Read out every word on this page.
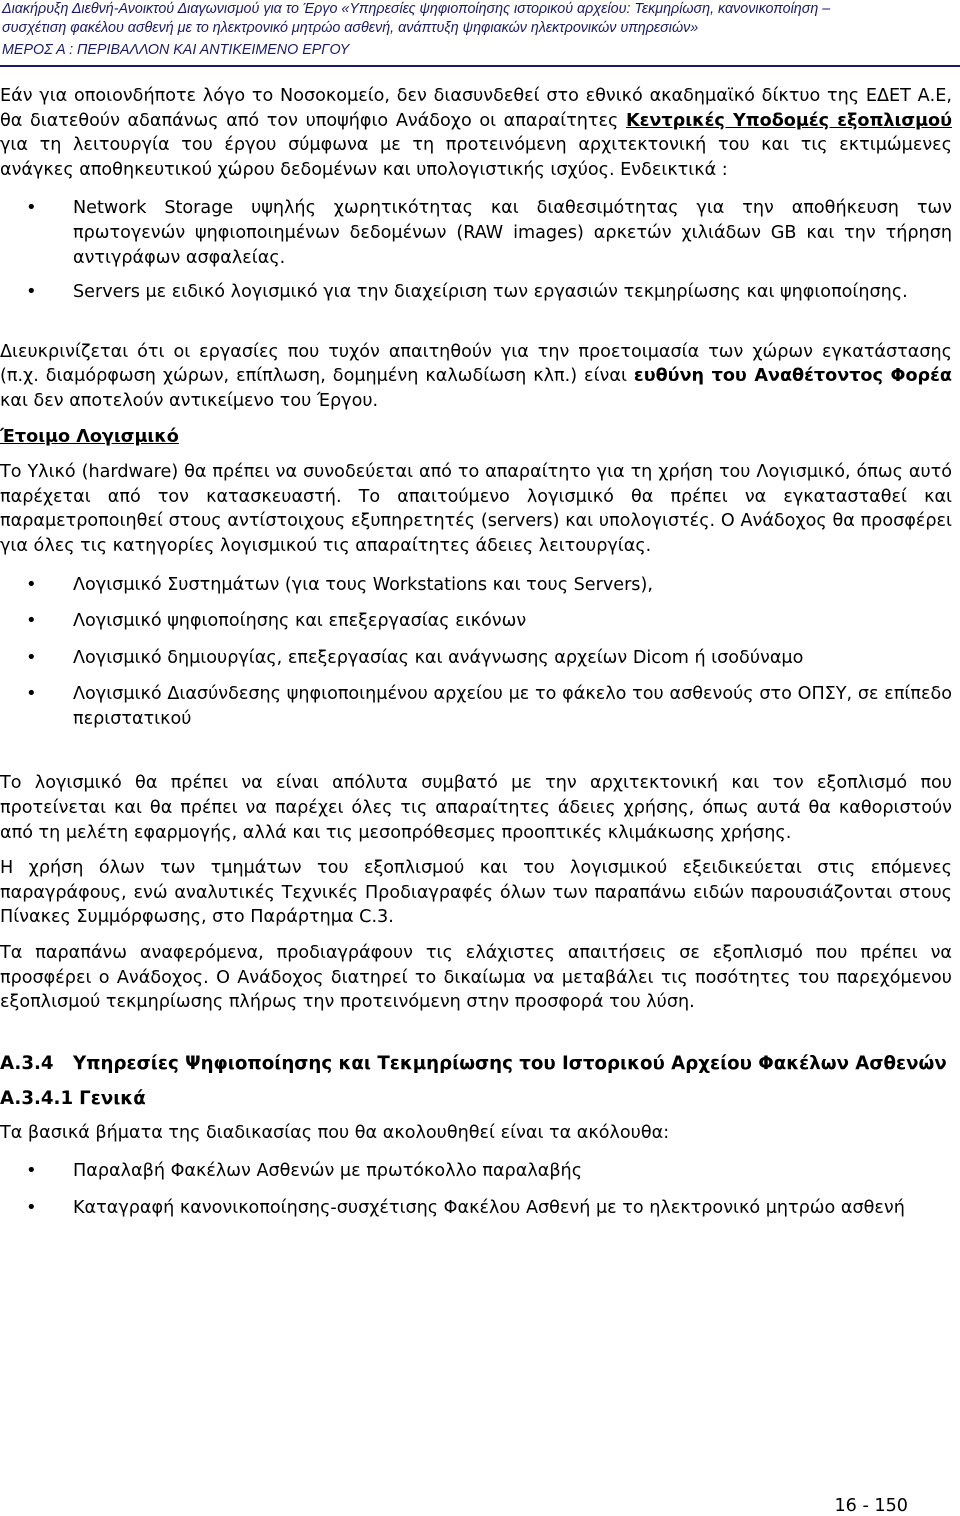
Διακήρυξη Διεθνή-Ανοικτού Διαγωνισμού για το Έργο «Υπηρεσίες ψηφιοποίησης ιστορικού αρχείου: Τεκμηρίωση, κανονικοποίηση –
συσχέτιση φακέλου ασθενή με το ηλεκτρονικό μητρώο ασθενή, ανάπτυξη ψηφιακών ηλεκτρονικών υπηρεσιών»
ΜΕΡΟΣ Α : ΠΕΡΙΒΑΛΛΟΝ ΚΑΙ ΑΝΤΙΚΕΙΜΕΝΟ ΕΡΓΟΥ

Εάν για οποιονδήποτε λόγο το Νοσοκομείο, δεν διασυνδεθεί στο εθνικό ακαδημαϊκό δίκτυο της ΕΔΕΤ Α.Ε, θα διατεθούν αδαπάνως από τον υποψήφιο Ανάδοχο οι απαραίτητες Κεντρικές Υποδομές εξοπλισμού για τη λειτουργία του έργου σύμφωνα με τη προτεινόμενη αρχιτεκτονική του και τις εκτιμώμενες ανάγκες αποθηκευτικού χώρου δεδομένων και υπολογιστικής ισχύος. Ενδεικτικά :

• Network Storage υψηλής χωρητικότητας και διαθεσιμότητας για την αποθήκευση των πρωτογενών ψηφιοποιημένων δεδομένων (RAW images) αρκετών χιλιάδων GB και την τήρηση αντιγράφων ασφαλείας.
• Servers με ειδικό λογισμικό για την διαχείριση των εργασιών τεκμηρίωσης και ψηφιοποίησης.

Διευκρινίζεται ότι οι εργασίες που τυχόν απαιτηθούν για την προετοιμασία των χώρων εγκατάστασης (π.χ. διαμόρφωση χώρων, επίπλωση, δομημένη καλωδίωση κλπ.) είναι ευθύνη του Αναθέτοντος Φορέα και δεν αποτελούν αντικείμενο του Έργου.

Έτοιμο Λογισμικό

Το Υλικό (hardware) θα πρέπει να συνοδεύεται από το απαραίτητο για τη χρήση του Λογισμικό, όπως αυτό παρέχεται από τον κατασκευαστή. Το απαιτούμενο λογισμικό θα πρέπει να εγκατασταθεί και παραμετροποιηθεί στους αντίστοιχους εξυπηρετητές (servers) και υπολογιστές. Ο Ανάδοχος θα προσφέρει για όλες τις κατηγορίες λογισμικού τις απαραίτητες άδειες λειτουργίας.

• Λογισμικό Συστημάτων (για τους Workstations και τους Servers),
• Λογισμικό ψηφιοποίησης και επεξεργασίας εικόνων
• Λογισμικό δημιουργίας, επεξεργασίας και ανάγνωσης αρχείων Dicom ή ισοδύναμο
• Λογισμικό Διασύνδεσης ψηφιοποιημένου αρχείου με το φάκελο του ασθενούς στο ΟΠΣΥ, σε επίπεδο περιστατικού

Το λογισμικό θα πρέπει να είναι απόλυτα συμβατό με την αρχιτεκτονική και τον εξοπλισμό που προτείνεται και θα πρέπει να παρέχει όλες τις απαραίτητες άδειες χρήσης, όπως αυτά θα καθοριστούν από τη μελέτη εφαρμογής, αλλά και τις μεσοπρόθεσμες προοπτικές κλιμάκωσης χρήσης.

Η χρήση όλων των τμημάτων του εξοπλισμού και του λογισμικού εξειδικεύεται στις επόμενες παραγράφους, ενώ αναλυτικές Τεχνικές Προδιαγραφές όλων των παραπάνω ειδών παρουσιάζονται στους Πίνακες Συμμόρφωσης, στο Παράρτημα C.3.

Τα παραπάνω αναφερόμενα, προδιαγράφουν τις ελάχιστες απαιτήσεις σε εξοπλισμό που πρέπει να προσφέρει ο Ανάδοχος. Ο Ανάδοχος διατηρεί το δικαίωμα να μεταβάλει τις ποσότητες του παρεχόμενου εξοπλισμού τεκμηρίωσης πλήρως την προτεινόμενη στην προσφορά του λύση.

A.3.4	Υπηρεσίες Ψηφιοποίησης και Τεκμηρίωσης του Ιστορικού Αρχείου Φακέλων Ασθενών
A.3.4.1 Γενικά

Τα βασικά βήματα της διαδικασίας που θα ακολουθηθεί είναι τα ακόλουθα:

• Παραλαβή Φακέλων Ασθενών με πρωτόκολλο παραλαβής
• Καταγραφή κανονικοποίησης-συσχέτισης Φακέλου Ασθενή με το ηλεκτρονικό μητρώο ασθενή
16 - 150
